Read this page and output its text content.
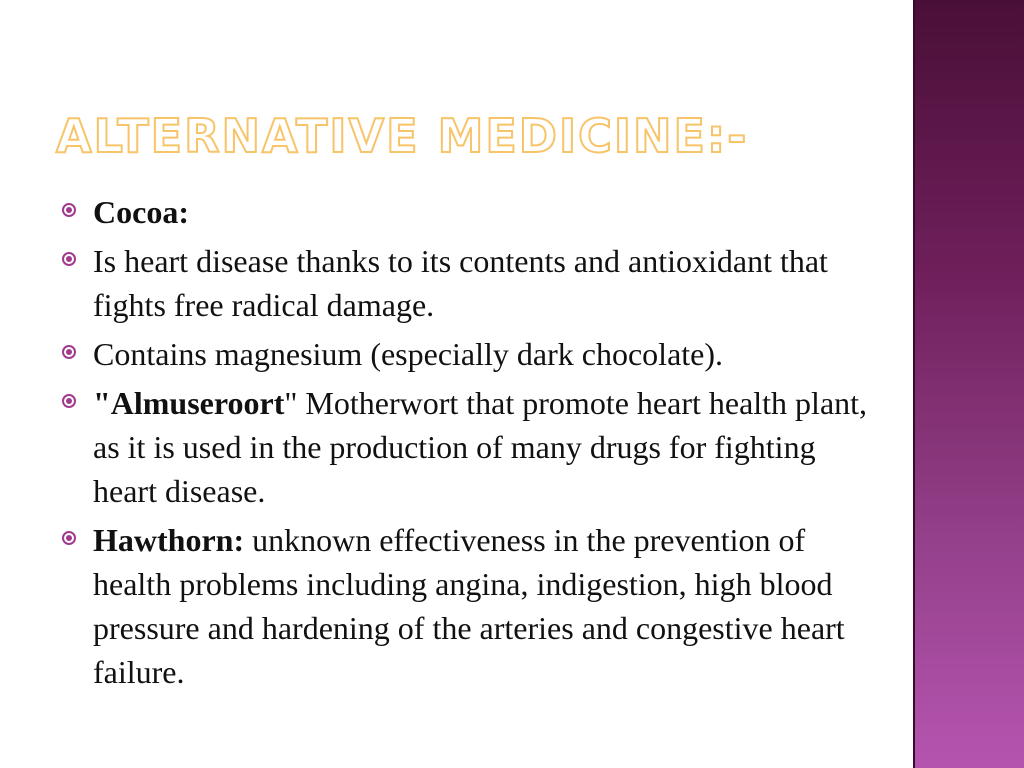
ALTERNATIVE MEDICINE:-
Cocoa:
Is heart disease thanks to its contents and antioxidant that fights free radical damage.
Contains magnesium (especially dark chocolate).
"Almuseroort" Motherwort that promote heart health plant, as it is used in the production of many drugs for fighting heart disease.
Hawthorn: unknown effectiveness in the prevention of health problems including angina, indigestion, high blood pressure and hardening of the arteries and congestive heart failure.
